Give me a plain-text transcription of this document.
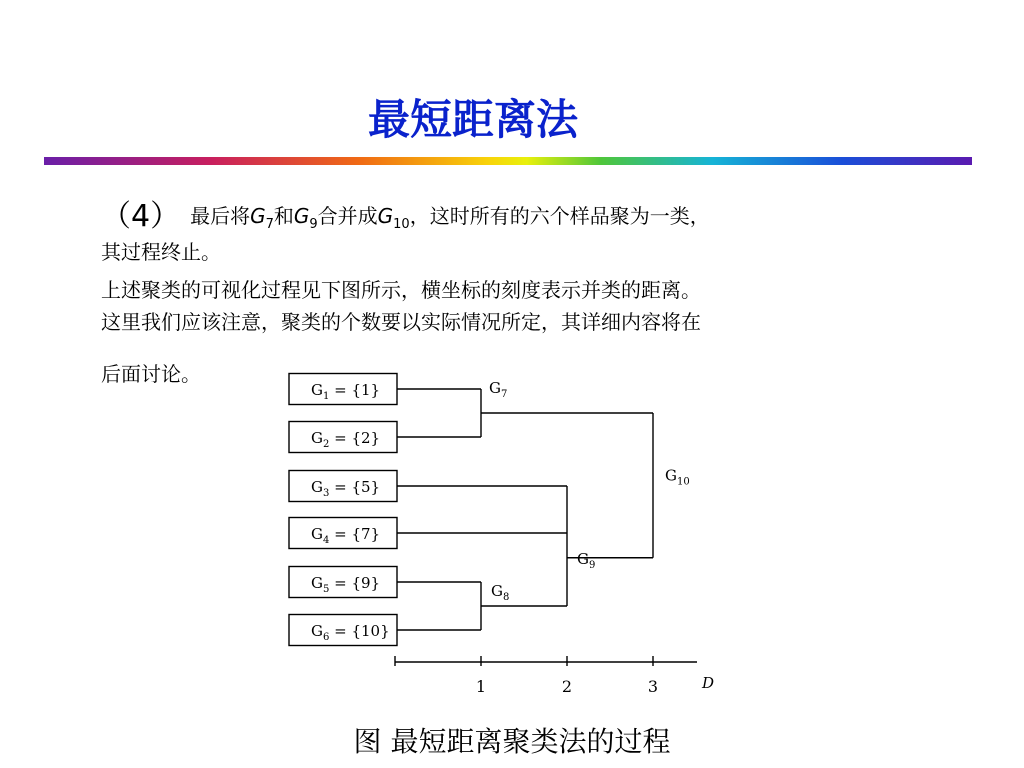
最短距离法
（4） 最后将$G_7$和$G_9$合并成$G_{10}$，这时所有的六个样品聚为一类，
其过程终止。
上述聚类的可视化过程见下图所示，横坐标的刻度表示并类的距离。
这里我们应该注意，聚类的个数要以实际情况所定，其详细内容将在
后面讨论。
$G_1 = \{1\}$
$G_2 = \{2\}$
$G_3 = \{5\}$
$G_4 = \{7\}$
$G_5 = \{9\}$
$G_6 = \{10\}$
$G_7$
$G_8$
$G_9$
$G_{10}$
1	2	3	D
图 最短距离聚类法的过程
